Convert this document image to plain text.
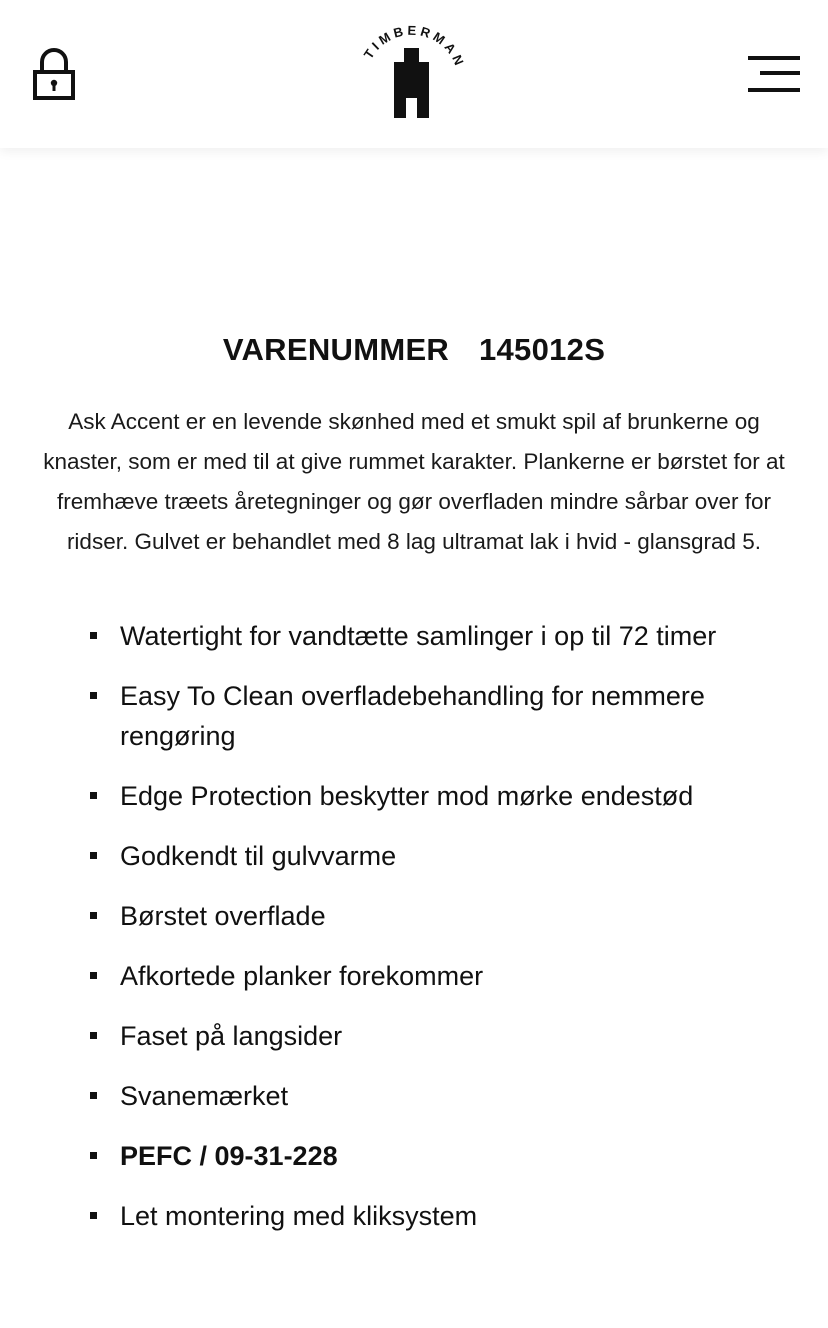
TIMBERMAN
VARENUMMER  145012S
Ask Accent er en levende skønhed med et smukt spil af brunkerne og knaster, som er med til at give rummet karakter. Plankerne er børstet for at fremhæve træets åretegninger og gør overfladen mindre sårbar over for ridser. Gulvet er behandlet med 8 lag ultramat lak i hvid - glansgrad 5.
Watertight for vandtætte samlinger i op til 72 timer
Easy To Clean overfladebehandling for nemmere rengøring
Edge Protection beskytter mod mørke endestød
Godkendt til gulvvarme
Børstet overflade
Afkortede planker forekommer
Faset på langsider
Svanemærket
PEFC / 09-31-228
Let montering med kliksystem
